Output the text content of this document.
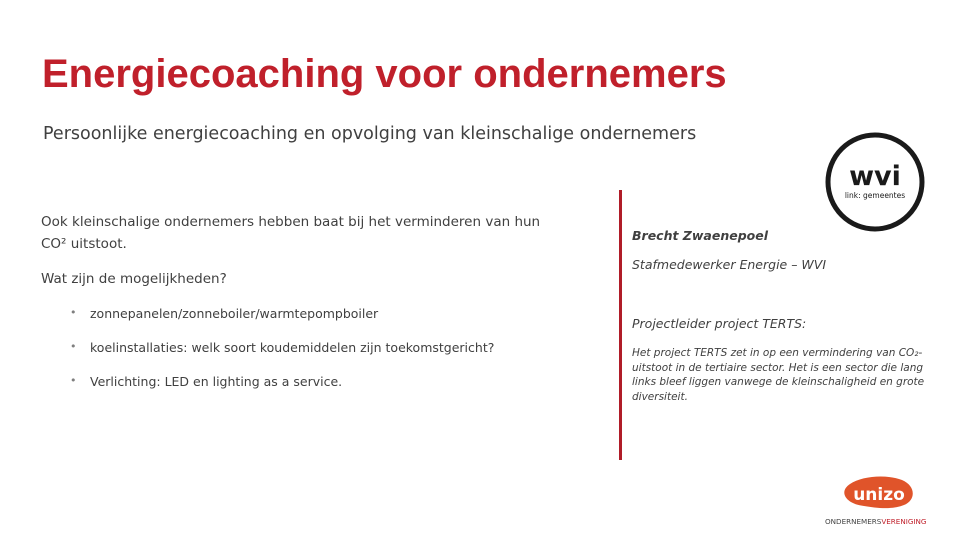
Energiecoaching voor ondernemers

Persoonlijke energiecoaching en opvolging van kleinschalige ondernemers

Ook kleinschalige ondernemers hebben baat bij het verminderen van hun
CO² uitstoot.

Wat zijn de mogelijkheden?

• zonnepanelen/zonneboiler/warmtepompboiler
• koelinstallaties: welk soort koudemiddelen zijn toekomstgericht?
• Verlichting: LED en lighting as a service.
Brecht Zwaenepoel
Stafmedewerker Energie – WVI
Projectleider project TERTS:
Het project TERTS zet in op een vermindering van CO₂-uitstoot in de tertiaire sector. Het is een sector die lang links bleef liggen vanwege de kleinschaligheid en grote diversiteit.
wvi
link: gemeentes
unizo
ONDERNEMERSVERENIGING
